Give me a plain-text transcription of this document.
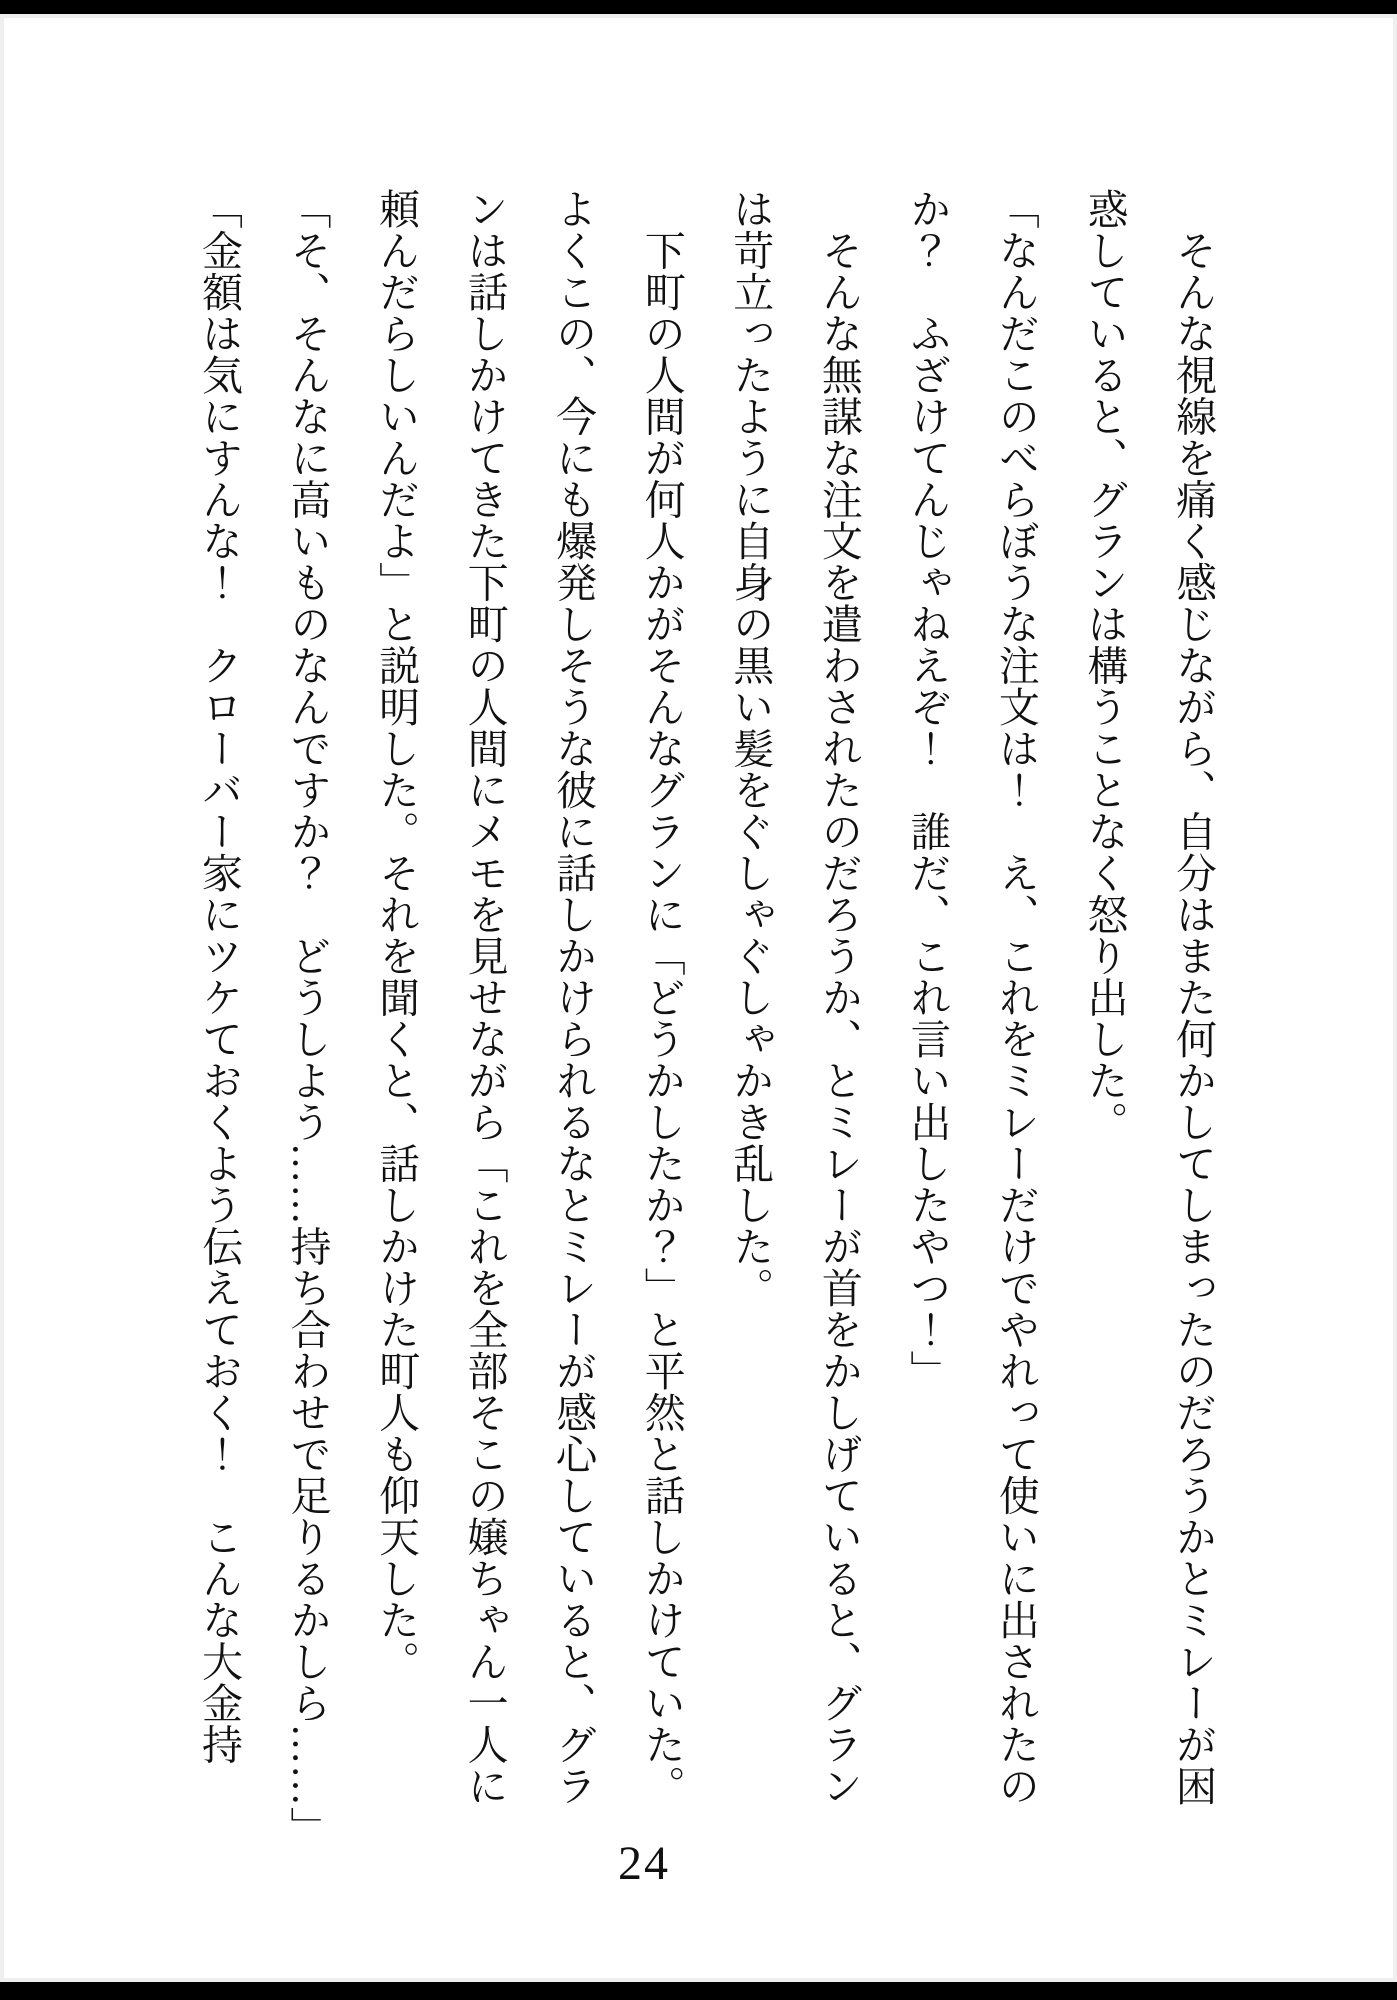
　そんな視線を痛く感じながら、自分はまた何かしてしまったのだろうかとミレーが困

惑していると、グランは構うことなく怒り出した。

「なんだこのべらぼうな注文は！　え、これをミレーだけでやれって使いに出されたの

か？　ふざけてんじゃねえぞ！　誰だ、これ言い出したやつ！」

　そんな無謀な注文を遣わされたのだろうか、とミレーが首をかしげていると、グラン

は苛立ったように自身の黒い髪をぐしゃぐしゃかき乱した。

　下町の人間が何人かがそんなグランに「どうかしたか？」と平然と話しかけていた。

よくこの、今にも爆発しそうな彼に話しかけられるなとミレーが感心していると、グラ

ンは話しかけてきた下町の人間にメモを見せながら「これを全部そこの嬢ちゃん一人に

頼んだらしいんだよ」と説明した。それを聞くと、話しかけた町人も仰天した。

「そ、そんなに高いものなんですか？　どうしよう……持ち合わせで足りるかしら……」

「金額は気にすんな！　クローバー家にツケておくよう伝えておく！　こんな大金持

24
